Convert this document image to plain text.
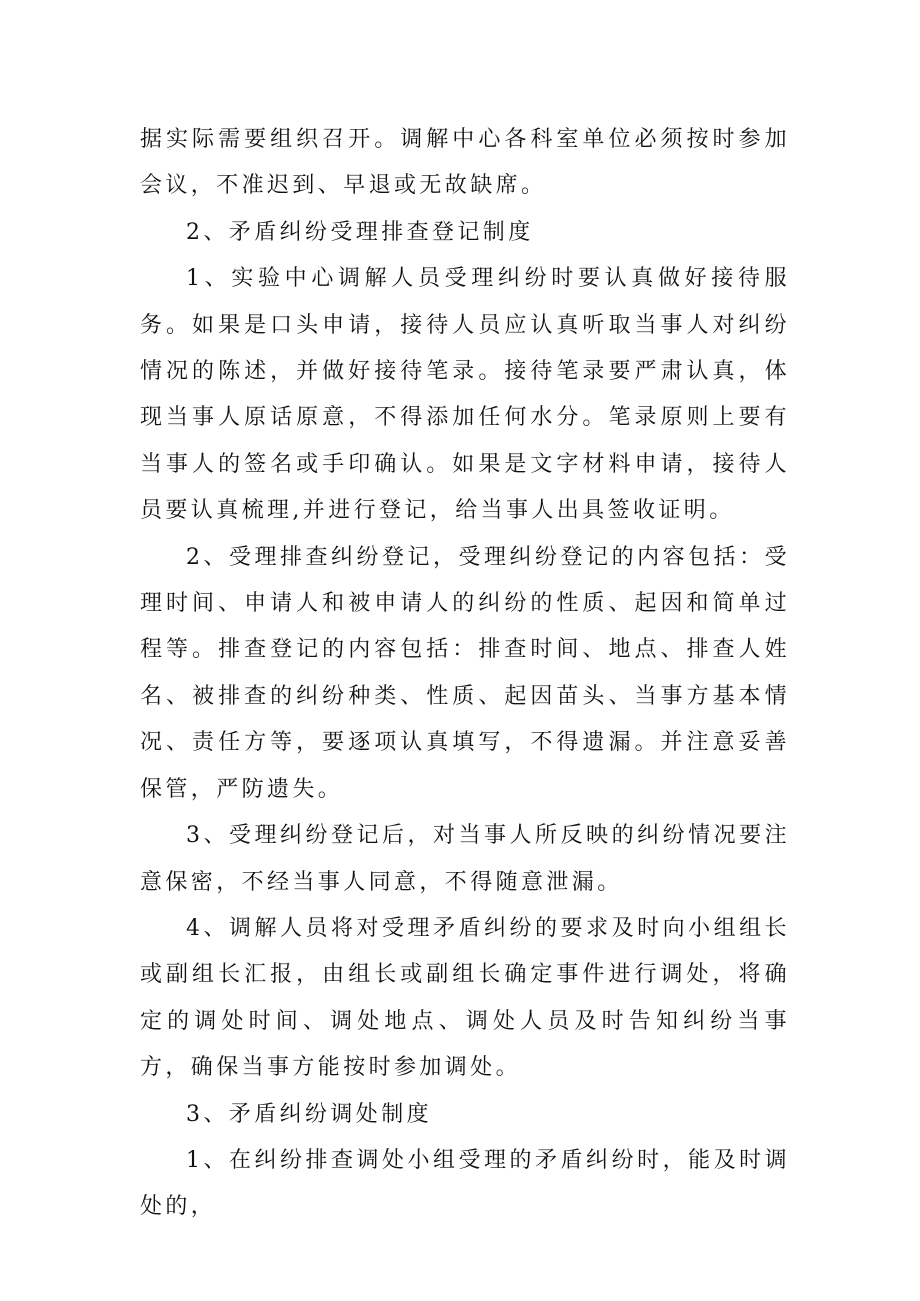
据实际需要组织召开。调解中心各科室单位必须按时参加会议，不准迟到、早退或无故缺席。

2、矛盾纠纷受理排查登记制度

1、实验中心调解人员受理纠纷时要认真做好接待服务。如果是口头申请，接待人员应认真听取当事人对纠纷情况的陈述，并做好接待笔录。接待笔录要严肃认真，体现当事人原话原意，不得添加任何水分。笔录原则上要有当事人的签名或手印确认。如果是文字材料申请，接待人员要认真梳理,并进行登记，给当事人出具签收证明。

2、受理排查纠纷登记，受理纠纷登记的内容包括：受理时间、申请人和被申请人的纠纷的性质、起因和简单过程等。排查登记的内容包括：排查时间、地点、排查人姓名、被排查的纠纷种类、性质、起因苗头、当事方基本情况、责任方等，要逐项认真填写，不得遗漏。并注意妥善保管，严防遗失。

3、受理纠纷登记后，对当事人所反映的纠纷情况要注意保密，不经当事人同意，不得随意泄漏。

4、调解人员将对受理矛盾纠纷的要求及时向小组组长或副组长汇报，由组长或副组长确定事件进行调处，将确定的调处时间、调处地点、调处人员及时告知纠纷当事方，确保当事方能按时参加调处。

3、矛盾纠纷调处制度

1、在纠纷排查调处小组受理的矛盾纠纷时，能及时调处的，
